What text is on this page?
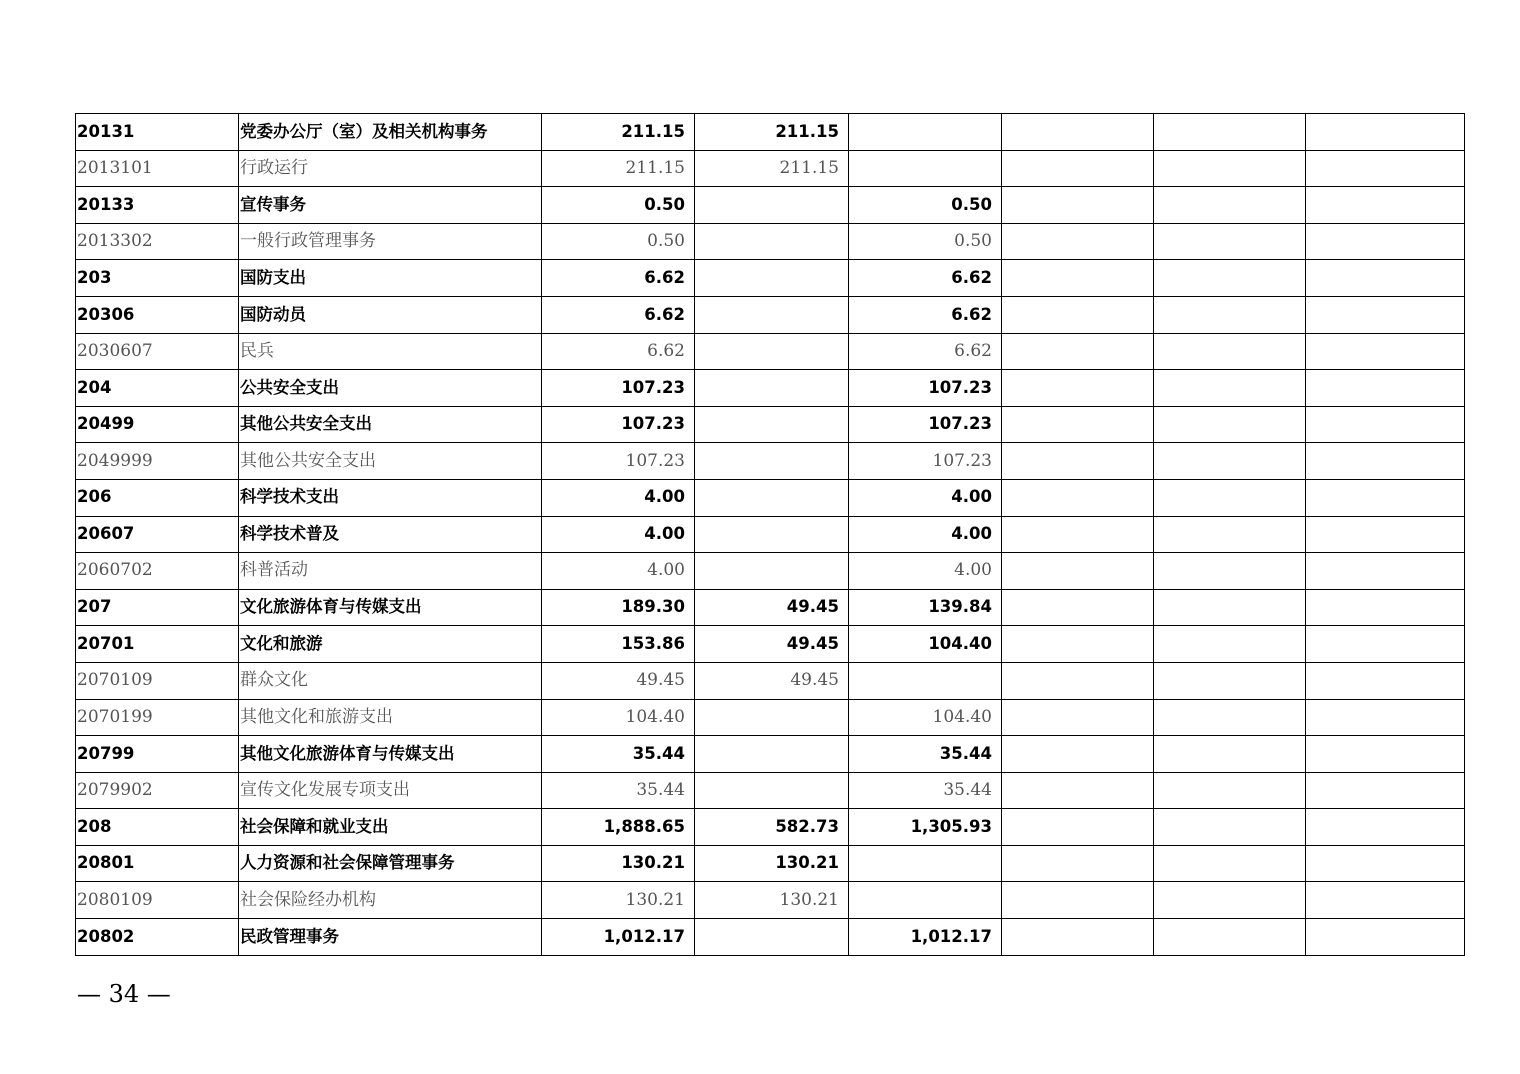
20131	党委办公厅（室）及相关机构事务	211.15	211.15				
2013101	行政运行	211.15	211.15				
20133	宣传事务	0.50		0.50			
2013302	一般行政管理事务	0.50		0.50			
203	国防支出	6.62		6.62			
20306	国防动员	6.62		6.62			
2030607	民兵	6.62		6.62			
204	公共安全支出	107.23		107.23			
20499	其他公共安全支出	107.23		107.23			
2049999	其他公共安全支出	107.23		107.23			
206	科学技术支出	4.00		4.00			
20607	科学技术普及	4.00		4.00			
2060702	科普活动	4.00		4.00			
207	文化旅游体育与传媒支出	189.30	49.45	139.84			
20701	文化和旅游	153.86	49.45	104.40			
2070109	群众文化	49.45	49.45				
2070199	其他文化和旅游支出	104.40		104.40			
20799	其他文化旅游体育与传媒支出	35.44		35.44			
2079902	宣传文化发展专项支出	35.44		35.44			
208	社会保障和就业支出	1,888.65	582.73	1,305.93			
20801	人力资源和社会保障管理事务	130.21	130.21				
2080109	社会保险经办机构	130.21	130.21				
20802	民政管理事务	1,012.17		1,012.17			
— 34 —
